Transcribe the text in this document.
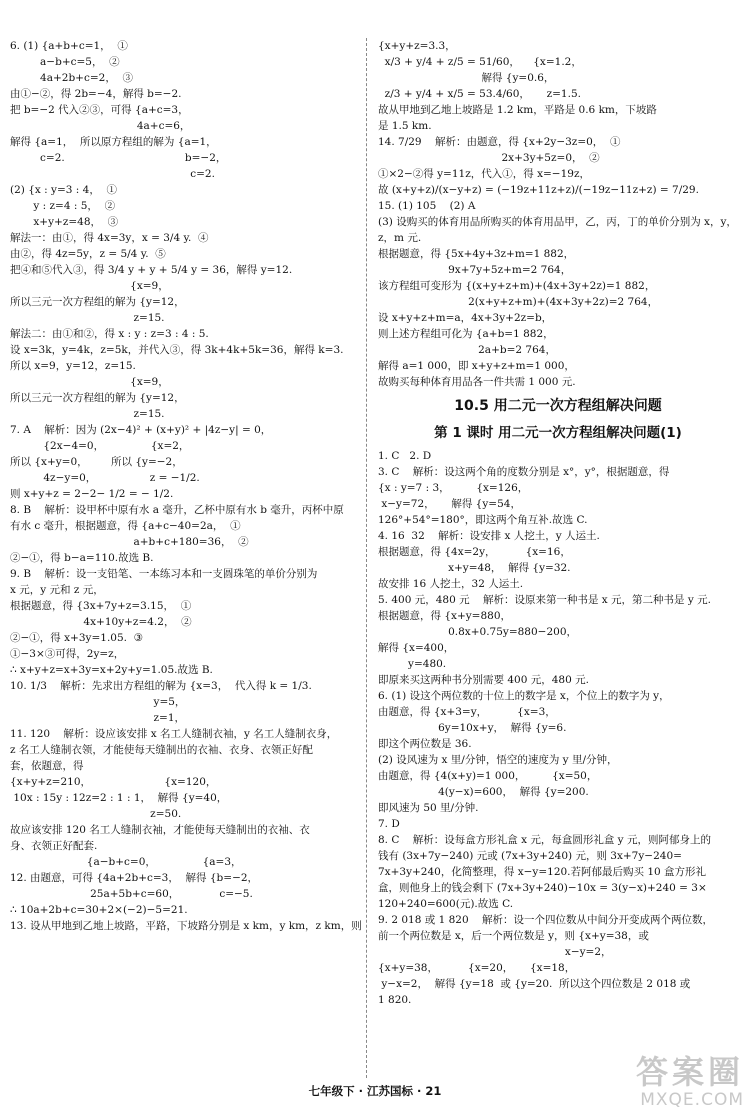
6. (1) {a+b+c=1，  ①
a−b+c=5，  ②
4a+2b+c=2，  ③
由①−②，得 2b=−4，解得 b=−2.
把 b=−2 代入②③，可得 {a+c=3，
4a+c=6，
解得 {a=1，  所以原方程组的解为 {a=1，
c=2.                                    b=−2，
c=2.
(2) {x : y=3 : 4，  ①
y : z=4 : 5，  ②
x+y+z=48，  ③
解法一：由①，得 4x=3y，x = 3/4 y.  ④
由②，得 4z=5y，z = 5/4 y.  ⑤
把④和⑤代入③，得 3/4 y + y + 5/4 y = 36，解得 y=12.
{x=9，
所以三元一次方程组的解为 {y=12，
z=15.
解法二：由①和②，得 x : y : z=3 : 4 : 5.
设 x=3k，y=4k，z=5k，并代入③，得 3k+4k+5k=36，解得 k=3.
所以 x=9，y=12，z=15.
{x=9，
所以三元一次方程组的解为 {y=12，
z=15.
7. A    解析：因为 (2x−4)² + (x+y)² + |4z−y| = 0，
{2x−4=0，              {x=2，
所以 {x+y=0，       所以 {y=−2，
4z−y=0，                z = −1/2.
则 x+y+z = 2−2− 1/2 = − 1/2.
8. B    解析：设甲杯中原有水 a 毫升，乙杯中原有水 b 毫升，丙杯中原
有水 c 毫升，根据题意，得 {a+c−40=2a，  ①
a+b+c+180=36，  ②
②−①，得 b−a=110.故选 B.
9. B    解析：设一支铅笔、一本练习本和一支圆珠笔的单价分别为
x 元，y 元和 z 元，
根据题意，得 {3x+7y+z=3.15，  ①
4x+10y+z=4.2，  ②
②−①，得 x+3y=1.05.  ③
①−3×③可得，2y=z，
∴ x+y+z=x+3y=x+2y+y=1.05.故选 B.
10. 1/3    解析：先求出方程组的解为 {x=3，  代入得 k = 1/3.
y=5，
z=1，
11. 120    解析：设应该安排 x 名工人缝制衣袖，y 名工人缝制衣身，
z 名工人缝制衣领，才能使每天缝制出的衣袖、衣身、衣领正好配
套，依题意，得
{x+y+z=210，                      {x=120，
10x : 15y : 12z=2 : 1 : 1，  解得 {y=40，
z=50.
故应该安排 120 名工人缝制衣袖，才能使每天缝制出的衣袖、衣
身、衣领正好配套.
{a−b+c=0，              {a=3，
12. 由题意，可得 {4a+2b+c=3，  解得 {b=−2，
25a+5b+c=60，            c=−5.
∴ 10a+2b+c=30+2×(−2)−5=21.
13. 设从甲地到乙地上坡路，平路，下坡路分别是 x km，y km，z km，则
{x+y+z=3.3，
x/3 + y/4 + z/5 = 51/60，    {x=1.2，
解得 {y=0.6，
z/3 + y/4 + x/5 = 53.4/60，     z=1.5.
故从甲地到乙地上坡路是 1.2 km，平路是 0.6 km，下坡路
是 1.5 km.
14. 7/29    解析：由题意，得 {x+2y−3z=0，  ①
2x+3y+5z=0，  ②
①×2−②得 y=11z，代入①，得 x=−19z，
故 (x+y+z)/(x−y+z) = (−19z+11z+z)/(−19z−11z+z) = 7/29.
15. (1) 105    (2) A
(3) 设购买的体育用品所购买的体育用品甲，乙，丙，丁的单价分别为 x，y，
z，m 元.
根据题意，得 {5x+4y+3z+m=1 882，
9x+7y+5z+m=2 764，
该方程组可变形为 {(x+y+z+m)+(4x+3y+2z)=1 882，
2(x+y+z+m)+(4x+3y+2z)=2 764，
设 x+y+z+m=a，4x+3y+2z=b，
则上述方程组可化为 {a+b=1 882，
2a+b=2 764，
解得 a=1 000，即 x+y+z+m=1 000，
故购买每种体育用品各一件共需 1 000 元.
10.5 用二元一次方程组解决问题
第 1 课时 用二元一次方程组解决问题(1)
1. C   2. D
3. C    解析：设这两个角的度数分别是 x°，y°，根据题意，得
{x : y=7 : 3，        {x=126，
x−y=72，     解得 {y=54，
126°+54°=180°，即这两个角互补.故选 C.
4. 16  32    解析：设安排 x 人挖土，y 人运土.
根据题意，得 {4x=2y，         {x=16，
x+y=48，  解得 {y=32.
故安排 16 人挖土，32 人运土.
5. 400 元，480 元    解析：设原来第一种书是 x 元，第二种书是 y 元.
根据题意，得 {x+y=880，
0.8x+0.75y=880−200，
解得 {x=400，
y=480.
即原来买这两种书分别需要 400 元，480 元.
6. (1) 设这个两位数的十位上的数字是 x，个位上的数字为 y，
由题意，得 {x+3=y，         {x=3，
6y=10x+y，  解得 {y=6.
即这个两位数是 36.
(2) 设风速为 x 里/分钟，悟空的速度为 y 里/分钟，
由题意，得 {4(x+y)=1 000，        {x=50，
4(y−x)=600，  解得 {y=200.
即风速为 50 里/分钟.
7. D
8. C    解析：设每盒方形礼盒 x 元，每盒圆形礼盒 y 元，则阿郁身上的
钱有 (3x+7y−240) 元或 (7x+3y+240) 元，则 3x+7y−240=
7x+3y+240，化简整理，得 x−y=120.若阿郁最后购买 10 盒方形礼
盒，则他身上的钱会剩下 (7x+3y+240)−10x = 3(y−x)+240 = 3×
120+240=600(元).故选 C.
9. 2 018 或 1 820    解析：设一个四位数从中间分开变成两个两位数，
前一个两位数是 x，后一个两位数是 y，则 {x+y=38，或
x−y=2，
{x+y=38，         {x=20，     {x=18，
y−x=2，  解得 {y=18  或 {y=20.  所以这个四位数是 2 018 或
1 820.
七年级下 · 江苏国标 · 21	答案圈
MXQE.COM
